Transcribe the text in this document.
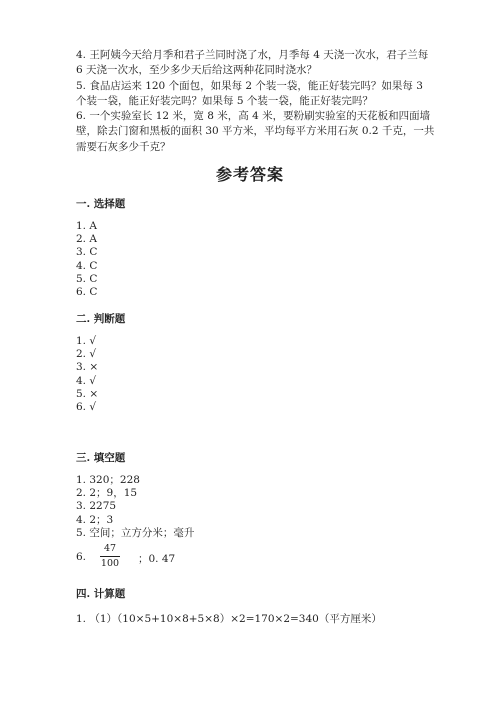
4. 王阿姨今天给月季和君子兰同时浇了水，月季每 4 天浇一次水，君子兰每 6 天浇一次水，至少多少天后给这两种花同时浇水？

5. 食品店运来 120 个面包，如果每 2 个装一袋，能正好装完吗？如果每 3 个装一袋，能正好装完吗？如果每 5 个装一袋，能正好装完吗？

6. 一个实验室长 12 米，宽 8 米，高 4 米，要粉刷实验室的天花板和四面墙壁，除去门窗和黑板的面积 30 平方米，平均每平方米用石灰 0.2 千克，一共需要石灰多少千克？

参考答案
一. 选择题
1. A
2. A
3. C
4. C
5. C
6. C
二. 判断题
1. √
2. √
3. ×
4. √
5. ×
6. √
三. 填空题
1. 320；228
2. 2；9，15
3. 2275
4. 2；3
5. 空间；立方分米；毫升
6.
47
100 ；0. 47
四. 计算题
1. （1）（10×5+10×8+5×8）×2=170×2=340（平方厘米）
